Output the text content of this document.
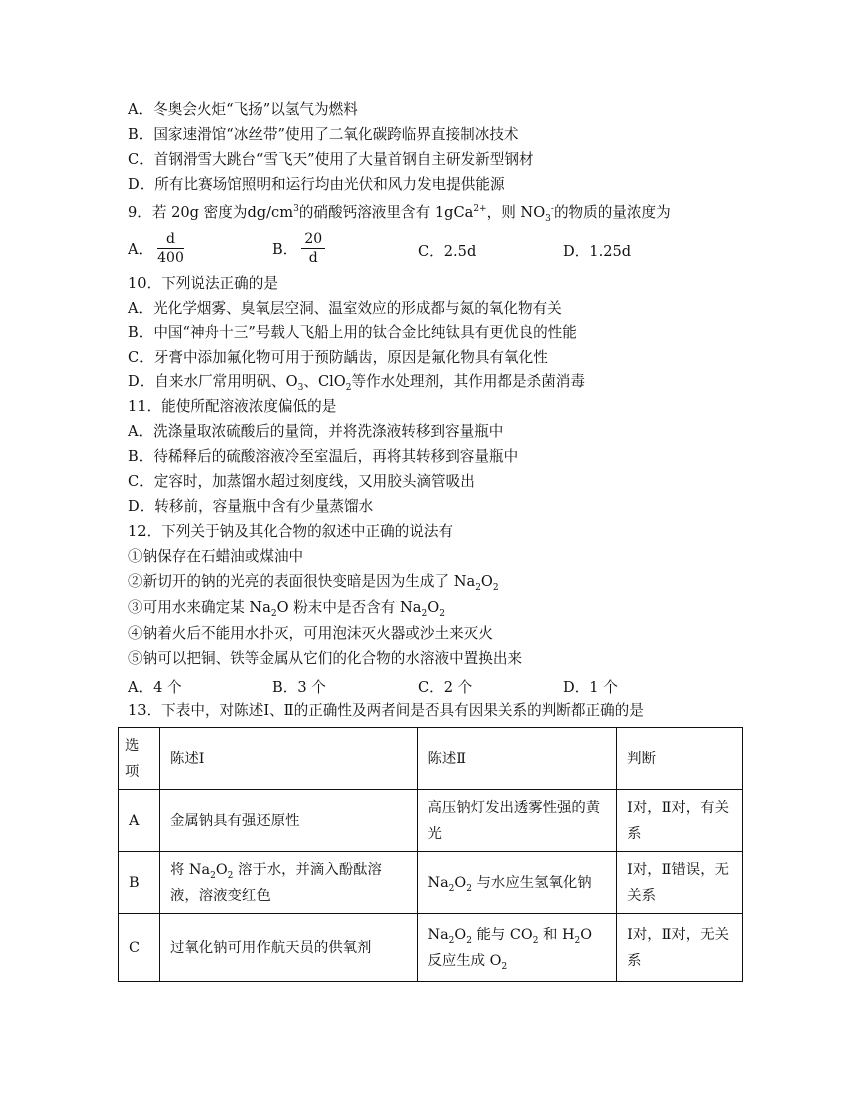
A．冬奥会火炬“飞扬”以氢气为燃料
B．国家速滑馆“冰丝带”使用了二氧化碳跨临界直接制冰技术
C．首钢滑雪大跳台“雪飞天”使用了大量首钢自主研发新型钢材
D．所有比赛场馆照明和运行均由光伏和风力发电提供能源
9．若 20g 密度为$dg/cm^3$的硝酸钙溶液里含有 1gCa$^{2+}$，则 $NO_3^-$的物质的量浓度为
A． $\frac{d}{400}$	B． $\frac{20}{d}$	C．2.5d	D．1.25d
10．下列说法正确的是
A．光化学烟雾、臭氧层空洞、温室效应的形成都与氮的氧化物有关
B．中国“神舟十三”号载人飞船上用的钛合金比纯钛具有更优良的性能
C．牙膏中添加氟化物可用于预防龋齿，原因是氟化物具有氧化性
D．自来水厂常用明矾、$O_3$、ClO$_2$等作水处理剂，其作用都是杀菌消毒
11．能使所配溶液浓度偏低的是
A．洗涤量取浓硫酸后的量筒，并将洗涤液转移到容量瓶中
B．待稀释后的硫酸溶液冷至室温后，再将其转移到容量瓶中
C．定容时，加蒸馏水超过刻度线，又用胶头滴管吸出
D．转移前，容量瓶中含有少量蒸馏水
12．下列关于钠及其化合物的叙述中正确的说法有
①钠保存在石蜡油或煤油中
②新切开的钠的光亮的表面很快变暗是因为生成了 $Na_2O_2$
③可用水来确定某 $Na_2O$ 粉末中是否含有 $Na_2O_2$
④钠着火后不能用水扑灭，可用泡沫灭火器或沙土来灭火
⑤钠可以把铜、铁等金属从它们的化合物的水溶液中置换出来
A．4 个	B．3 个	C．2 个	D．1 个
13．下表中，对陈述Ⅰ、Ⅱ的正确性及两者间是否具有因果关系的判断都正确的是
选项	陈述Ⅰ	陈述Ⅱ	判断
A	金属钠具有强还原性	高压钠灯发出透雾性强的黄光	Ⅰ对，Ⅱ对，有关系
B	将 $Na_2O_2$ 溶于水，并滴入酚酞溶液，溶液变红色	$Na_2O_2$ 与水应生氢氧化钠	Ⅰ对，Ⅱ错误，无关系
C	过氧化钠可用作航天员的供氧剂	$Na_2O_2$ 能与 $CO_2$ 和 $H_2O$ 反应生成 $O_2$	Ⅰ对，Ⅱ对，无关系
